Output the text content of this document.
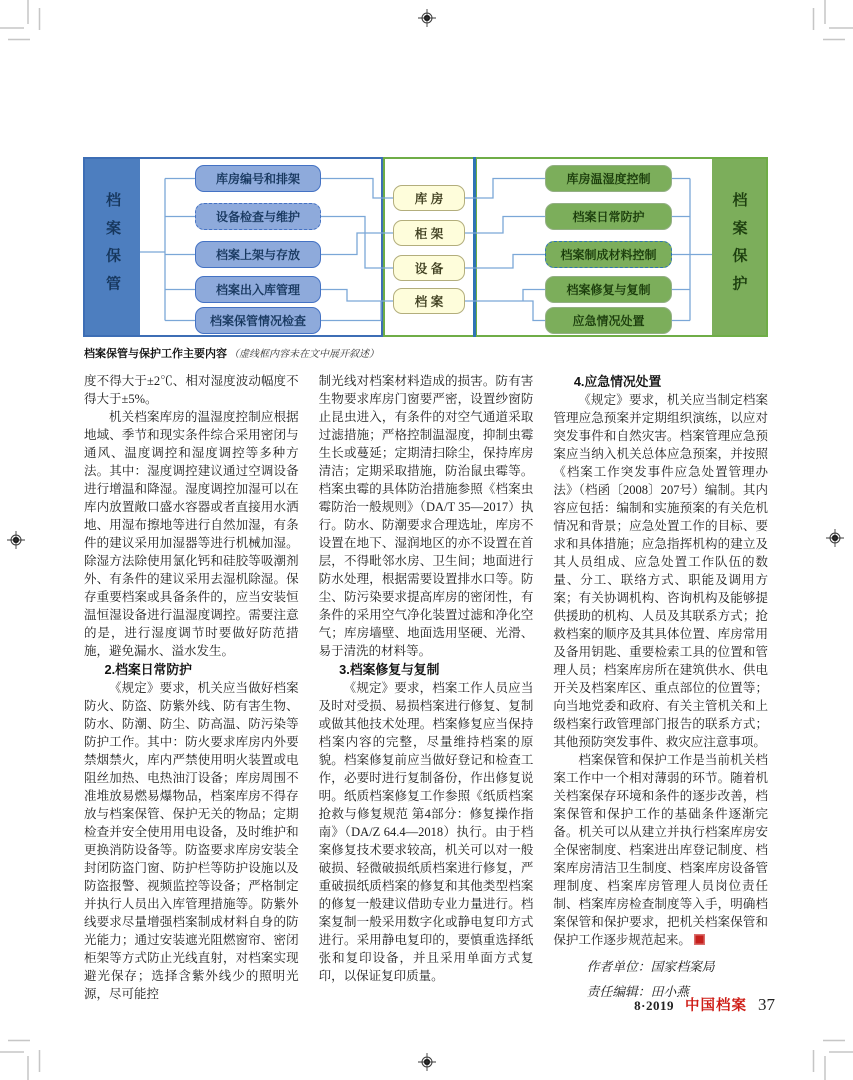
档案保管
库房编号和排架
设备检查与维护
档案上架与存放
档案出入库管理
档案保管情况检查
库 房
柜 架
设 备
档 案
库房温湿度控制
档案日常防护
档案制成材料控制
档案修复与复制
应急情况处置
档案保护
档案保管与保护工作主要内容 （虚线框内容未在文中展开叙述）

度不得大于±2℃、相对湿度波动幅度不得大于±5%。

机关档案库房的温湿度控制应根据地域、季节和现实条件综合采用密闭与通风、温度调控和湿度调控等多种方法。其中：湿度调控建议通过空调设备进行增温和降湿。湿度调控加湿可以在库内放置敞口盛水容器或者直接用水洒地、用湿布擦地等进行自然加湿，有条件的建议采用加湿器等进行机械加湿。除湿方法除使用氯化钙和硅胶等吸潮剂外、有条件的建议采用去湿机除湿。保存重要档案或具备条件的，应当安装恒温恒湿设备进行温湿度调控。需要注意的是，进行湿度调节时要做好防范措施，避免漏水、溢水发生。

2.档案日常防护

《规定》要求，机关应当做好档案防火、防盗、防紫外线、防有害生物、防水、防潮、防尘、防高温、防污染等防护工作。其中：防火要求库房内外要禁烟禁火，库内严禁使用明火装置或电阻丝加热、电热油汀设备；库房周围不准堆放易燃易爆物品，档案库房不得存放与档案保管、保护无关的物品；定期检查并安全使用用电设备，及时维护和更换消防设备等。防盗要求库房安装全封闭防盗门窗、防护栏等防护设施以及防盗报警、视频监控等设备；严格制定并执行人员出入库管理措施等。防紫外线要求尽量增强档案制成材料自身的防光能力；通过安装遮光阻燃窗帘、密闭柜架等方式防止光线直射，对档案实现避光保存；选择含紫外线少的照明光源，尽可能控

制光线对档案材料造成的损害。防有害生物要求库房门窗要严密，设置纱窗防止昆虫进入，有条件的对空气通道采取过滤措施；严格控制温湿度，抑制虫霉生长或蔓延；定期清扫除尘，保持库房清洁；定期采取措施，防治鼠虫霉等。档案虫霉的具体防治措施参照《档案虫霉防治一般规则》（DA/T 35—2017）执行。防水、防潮要求合理选址，库房不设置在地下、湿润地区的亦不设置在首层，不得毗邻水房、卫生间；地面进行防水处理，根据需要设置排水口等。防尘、防污染要求提高库房的密闭性，有条件的采用空气净化装置过滤和净化空气；库房墙壁、地面选用坚硬、光滑、易于清洗的材料等。

3.档案修复与复制

《规定》要求，档案工作人员应当及时对受损、易损档案进行修复、复制或做其他技术处理。档案修复应当保持档案内容的完整，尽量维持档案的原貌。档案修复前应当做好登记和检查工作，必要时进行复制备份，作出修复说明。纸质档案修复工作参照《纸质档案抢救与修复规范 第4部分：修复操作指南》（DA/Z 64.4—2018）执行。由于档案修复技术要求较高，机关可以对一般破损、轻微破损纸质档案进行修复，严重破损纸质档案的修复和其他类型档案的修复一般建议借助专业力量进行。档案复制一般采用数字化或静电复印方式进行。采用静电复印的，要慎重选择纸张和复印设备，并且采用单面方式复印，以保证复印质量。

4.应急情况处置

《规定》要求，机关应当制定档案管理应急预案并定期组织演练，以应对突发事件和自然灾害。档案管理应急预案应当纳入机关总体应急预案，并按照《档案工作突发事件应急处置管理办法》（档函〔2008〕207号）编制。其内容应包括：编制和实施预案的有关危机情况和背景；应急处置工作的目标、要求和具体措施；应急指挥机构的建立及其人员组成、应急处置工作队伍的数量、分工、联络方式、职能及调用方案；有关协调机构、咨询机构及能够提供援助的机构、人员及其联系方式；抢救档案的顺序及其具体位置、库房常用及备用钥匙、重要检索工具的位置和管理人员；档案库房所在建筑供水、供电开关及档案库区、重点部位的位置等；向当地党委和政府、有关主管机关和上级档案行政管理部门报告的联系方式；其他预防突发事件、救灾应注意事项。

档案保管和保护工作是当前机关档案工作中一个相对薄弱的环节。随着机关档案保存环境和条件的逐步改善，档案保管和保护工作的基础条件逐渐完备。机关可以从建立并执行档案库房安全保密制度、档案进出库登记制度、档案库房清洁卫生制度、档案库房设备管理制度、档案库房管理人员岗位责任制、档案库房检查制度等入手，明确档案保管和保护要求，把机关档案保管和保护工作逐步规范起来。

作者单位：国家档案局

责任编辑：田小燕

8·2019 中国档案 37
